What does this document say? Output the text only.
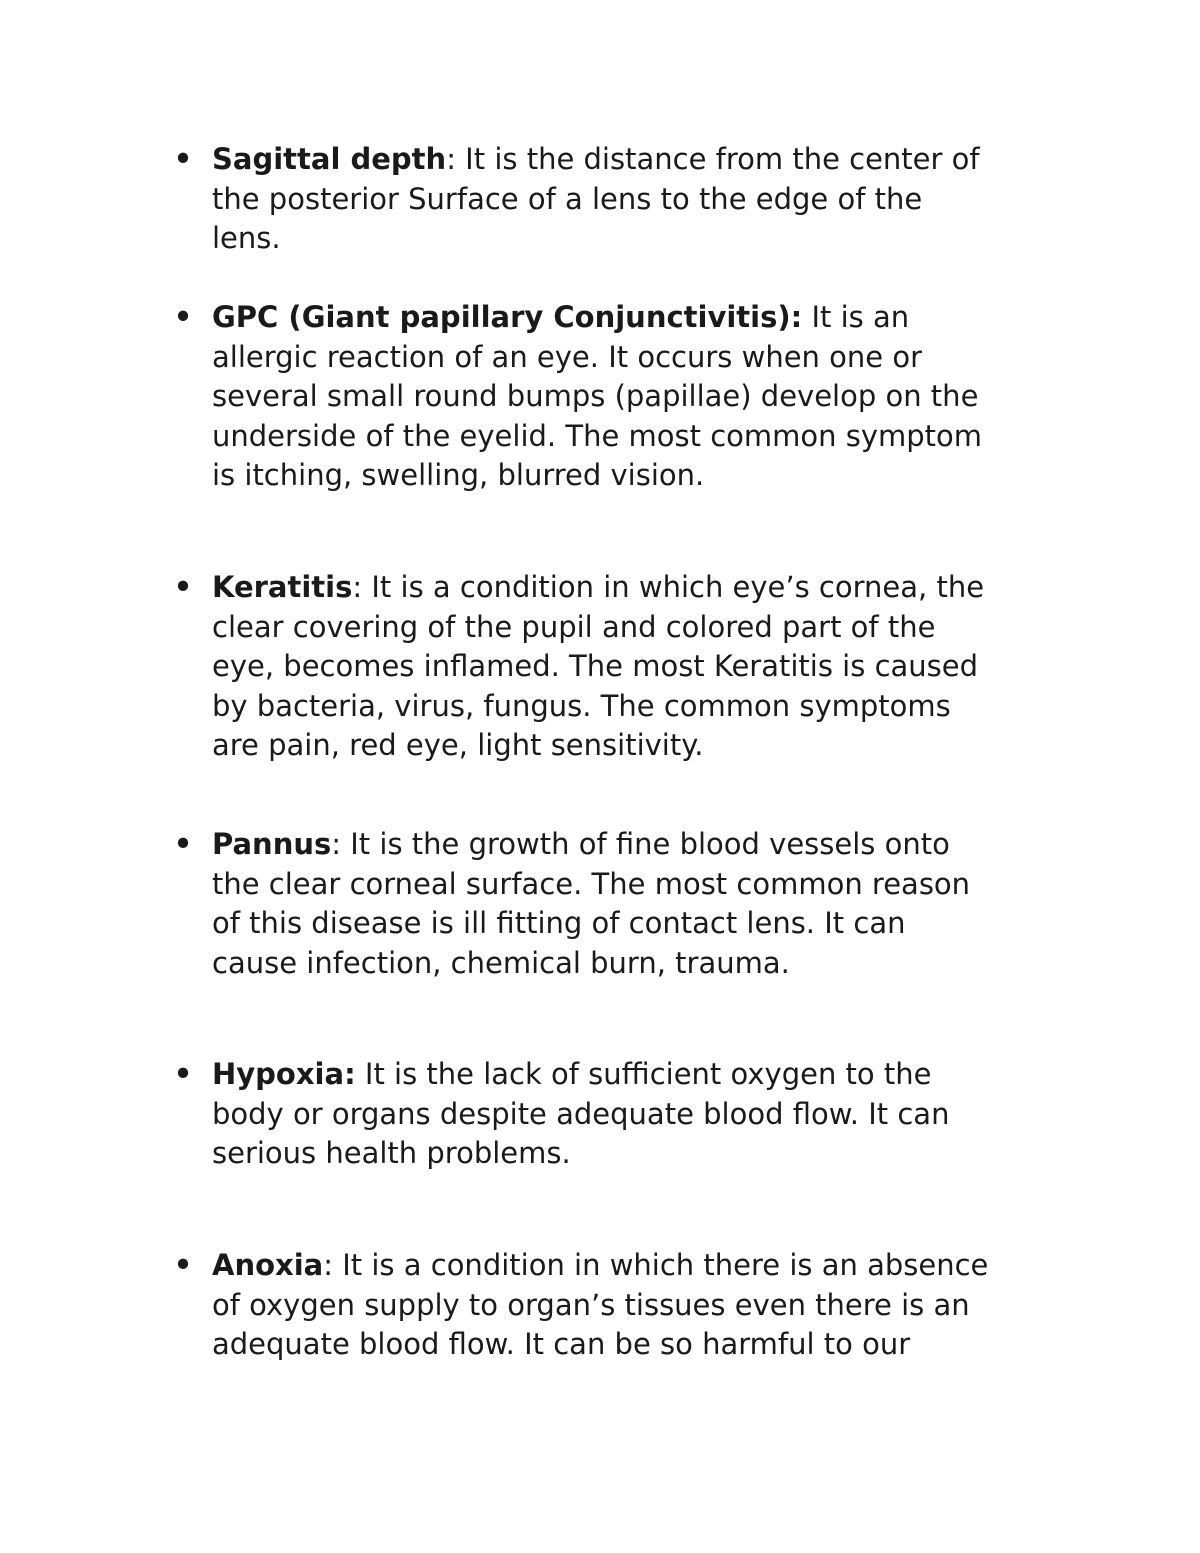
• Sagittal depth: It is the distance from the center of
the posterior Surface of a lens to the edge of the
lens.
• GPC (Giant papillary Conjunctivitis): It is an
allergic reaction of an eye. It occurs when one or
several small round bumps (papillae) develop on the
underside of the eyelid. The most common symptom
is itching, swelling, blurred vision.
• Keratitis: It is a condition in which eye’s cornea, the
clear covering of the pupil and colored part of the
eye, becomes inflamed. The most Keratitis is caused
by bacteria, virus, fungus. The common symptoms
are pain, red eye, light sensitivity.
• Pannus: It is the growth of fine blood vessels onto
the clear corneal surface. The most common reason
of this disease is ill fitting of contact lens. It can
cause infection, chemical burn, trauma.
• Hypoxia: It is the lack of sufficient oxygen to the
body or organs despite adequate blood flow. It can
serious health problems.
• Anoxia: It is a condition in which there is an absence
of oxygen supply to organ’s tissues even there is an
adequate blood flow. It can be so harmful to our
